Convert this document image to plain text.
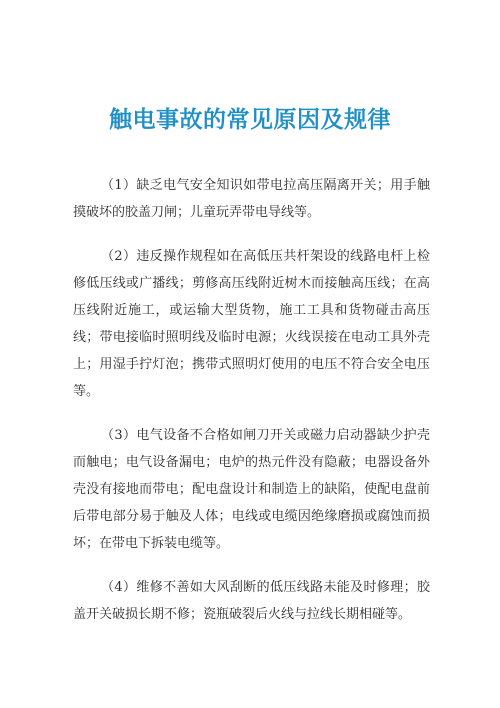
触电事故的常见原因及规律

（1）缺乏电气安全知识如带电拉高压隔离开关；用手触摸破坏的胶盖刀闸；儿童玩弄带电导线等。

（2）违反操作规程如在高低压共杆架设的线路电杆上检修低压线或广播线；剪修高压线附近树木而接触高压线；在高压线附近施工，或运输大型货物，施工工具和货物碰击高压线；带电接临时照明线及临时电源；火线误接在电动工具外壳上；用湿手拧灯泡；携带式照明灯使用的电压不符合安全电压等。

（3）电气设备不合格如闸刀开关或磁力启动器缺少护壳而触电；电气设备漏电；电炉的热元件没有隐蔽；电器设备外壳没有接地而带电；配电盘设计和制造上的缺陷，使配电盘前后带电部分易于触及人体；电线或电缆因绝缘磨损或腐蚀而损坏；在带电下拆装电缆等。

（4）维修不善如大风刮断的低压线路未能及时修理；胶盖开关破损长期不修；瓷瓶破裂后火线与拉线长期相碰等。
